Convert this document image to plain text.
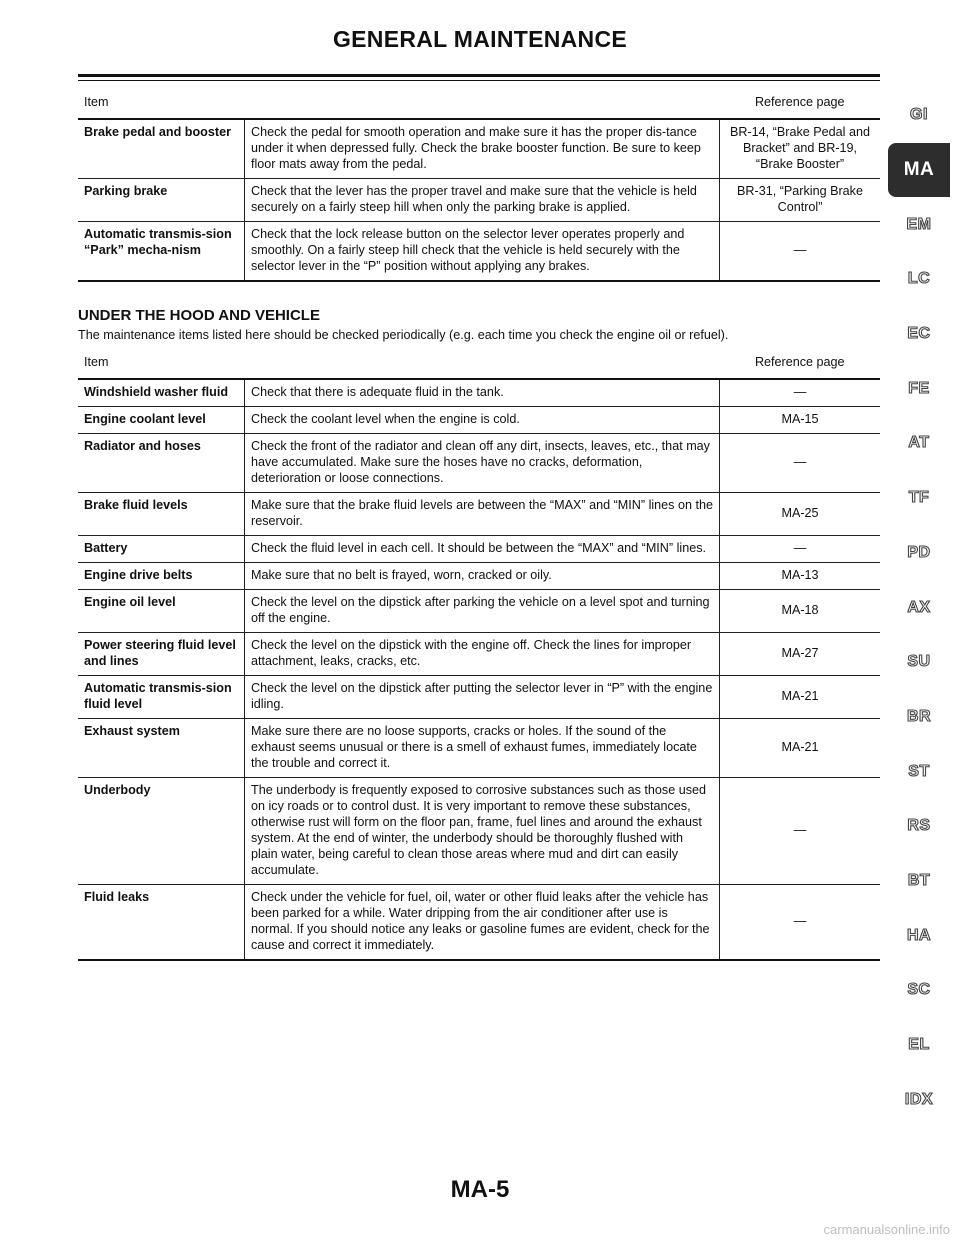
GENERAL MAINTENANCE
Item		Reference page
Brake pedal and booster	Check the pedal for smooth operation and make sure it has the proper dis-tance under it when depressed fully. Check the brake booster function. Be sure to keep floor mats away from the pedal.	BR-14, “Brake Pedal and Bracket” and BR-19, “Brake Booster”
Parking brake	Check that the lever has the proper travel and make sure that the vehicle is held securely on a fairly steep hill when only the parking brake is applied.	BR-31, “Parking Brake Control”
Automatic transmis-sion “Park” mecha-nism	Check that the lock release button on the selector lever operates properly and smoothly. On a fairly steep hill check that the vehicle is held securely with the selector lever in the “P” position without applying any brakes.	—
UNDER THE HOOD AND VEHICLE
The maintenance items listed here should be checked periodically (e.g. each time you check the engine oil or refuel).
Item		Reference page
Windshield washer fluid	Check that there is adequate fluid in the tank.	—
Engine coolant level	Check the coolant level when the engine is cold.	MA-15
Radiator and hoses	Check the front of the radiator and clean off any dirt, insects, leaves, etc., that may have accumulated. Make sure the hoses have no cracks, deformation, deterioration or loose connections.	—
Brake fluid levels	Make sure that the brake fluid levels are between the “MAX” and “MIN” lines on the reservoir.	MA-25
Battery	Check the fluid level in each cell. It should be between the “MAX” and “MIN” lines.	—
Engine drive belts	Make sure that no belt is frayed, worn, cracked or oily.	MA-13
Engine oil level	Check the level on the dipstick after parking the vehicle on a level spot and turning off the engine.	MA-18
Power steering fluid level and lines	Check the level on the dipstick with the engine off. Check the lines for improper attachment, leaks, cracks, etc.	MA-27
Automatic transmis-sion fluid level	Check the level on the dipstick after putting the selector lever in “P” with the engine idling.	MA-21
Exhaust system	Make sure there are no loose supports, cracks or holes. If the sound of the exhaust seems unusual or there is a smell of exhaust fumes, immediately locate the trouble and correct it.	MA-21
Underbody	The underbody is frequently exposed to corrosive substances such as those used on icy roads or to control dust. It is very important to remove these substances, otherwise rust will form on the floor pan, frame, fuel lines and around the exhaust system. At the end of winter, the underbody should be thoroughly flushed with plain water, being careful to clean those areas where mud and dirt can easily accumulate.	—
Fluid leaks	Check under the vehicle for fuel, oil, water or other fluid leaks after the vehicle has been parked for a while. Water dripping from the air conditioner after use is normal. If you should notice any leaks or gasoline fumes are evident, check for the cause and correct it immediately.	—
GI
MA
EM
LC
EC
FE
AT
TF
PD
AX
SU
BR
ST
RS
BT
HA
SC
EL
IDX
MA-5
carmanualsonline.info
